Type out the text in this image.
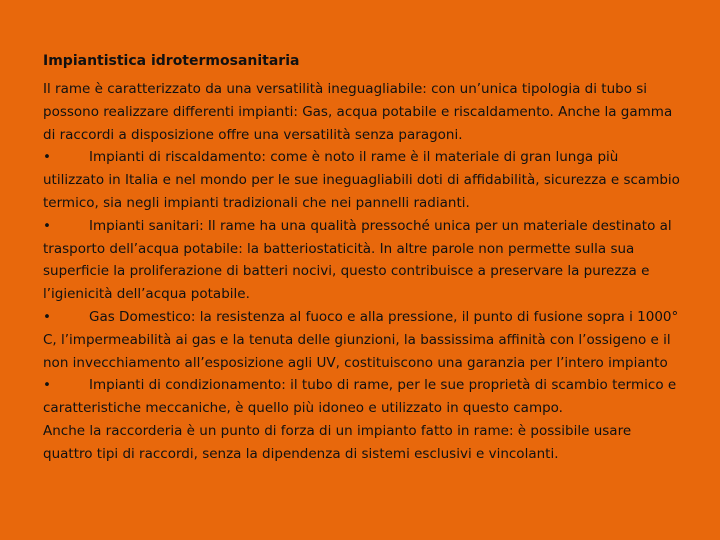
Impiantistica idrotermosanitaria

Il rame è caratterizzato da una versatilità ineguagliabile: con un’unica tipologia di tubo si possono realizzare differenti impianti: Gas, acqua potabile e riscaldamento. Anche la gamma di raccordi a disposizione offre una versatilità senza paragoni.

•	Impianti di riscaldamento: come è noto il rame è il materiale di gran lunga più utilizzato in Italia e nel mondo per le sue ineguagliabili doti di affidabilità, sicurezza e scambio termico, sia negli impianti tradizionali che nei pannelli radianti.

•	Impianti sanitari: Il rame ha una qualità pressoché unica per un materiale destinato al trasporto dell’acqua potabile: la batteriostaticità. In altre parole non permette sulla sua superficie la proliferazione di batteri nocivi, questo contribuisce a preservare la purezza e l’igienicità dell’acqua potabile.

•	Gas Domestico: la resistenza al fuoco e alla pressione, il punto di fusione sopra i 1000° C, l’impermeabilità ai gas e la tenuta delle giunzioni, la bassissima affinità con l’ossigeno e il non invecchiamento all’esposizione agli UV, costituiscono una garanzia per l’intero impianto

•	Impianti di condizionamento: il tubo di rame, per le sue proprietà di scambio termico e caratteristiche meccaniche, è quello più idoneo e utilizzato in questo campo.

Anche la raccorderia è un punto di forza di un impianto fatto in rame: è possibile usare quattro tipi di raccordi, senza la dipendenza di sistemi esclusivi e vincolanti.
